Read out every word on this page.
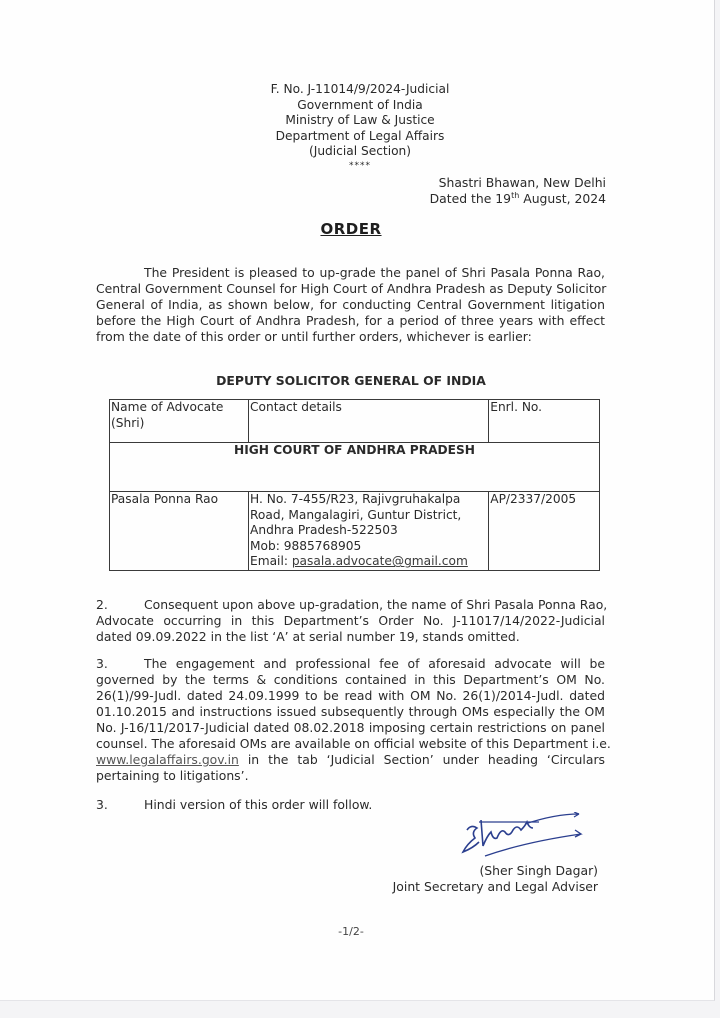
F. No. J-11014/9/2024-Judicial
Government of India
Ministry of Law & Justice
Department of Legal Affairs
(Judicial Section)
****
Shastri Bhawan, New Delhi
Dated the 19th August, 2024
ORDER
The President is pleased to up-grade the panel of Shri Pasala Ponna Rao,
Central Government Counsel for High Court of Andhra Pradesh as Deputy Solicitor
General of India, as shown below, for conducting Central Government litigation
before the High Court of Andhra Pradesh, for a period of three years with effect
from the date of this order or until further orders, whichever is earlier:
DEPUTY SOLICITOR GENERAL OF INDIA
Name of Advocate
(Shri)	Contact details	Enrl. No.
HIGH COURT OF ANDHRA PRADESH		
Pasala Ponna Rao	H. No. 7-455/R23, Rajivgruhakalpa
Road, Mangalagiri, Guntur District,
Andhra Pradesh-522503
Mob: 9885768905
Email: pasala.advocate@gmail.com	AP/2337/2005
2.	Consequent upon above up-gradation, the name of Shri Pasala Ponna Rao,
Advocate occurring in this Department’s Order No. J-11017/14/2022-Judicial
dated 09.09.2022 in the list ‘A’ at serial number 19, stands omitted.
3.	The engagement and professional fee of aforesaid advocate will be
governed by the terms & conditions contained in this Department’s OM No.
26(1)/99-Judl. dated 24.09.1999 to be read with OM No. 26(1)/2014-Judl. dated
01.10.2015 and instructions issued subsequently through OMs especially the OM
No. J-16/11/2017-Judicial dated 08.02.2018 imposing certain restrictions on panel
counsel. The aforesaid OMs are available on official website of this Department i.e.
www.legalaffairs.gov.in in the tab ‘Judicial Section’ under heading ‘Circulars
pertaining to litigations’.
3.	Hindi version of this order will follow.
(Sher Singh Dagar)
Joint Secretary and Legal Adviser
-1/2-
